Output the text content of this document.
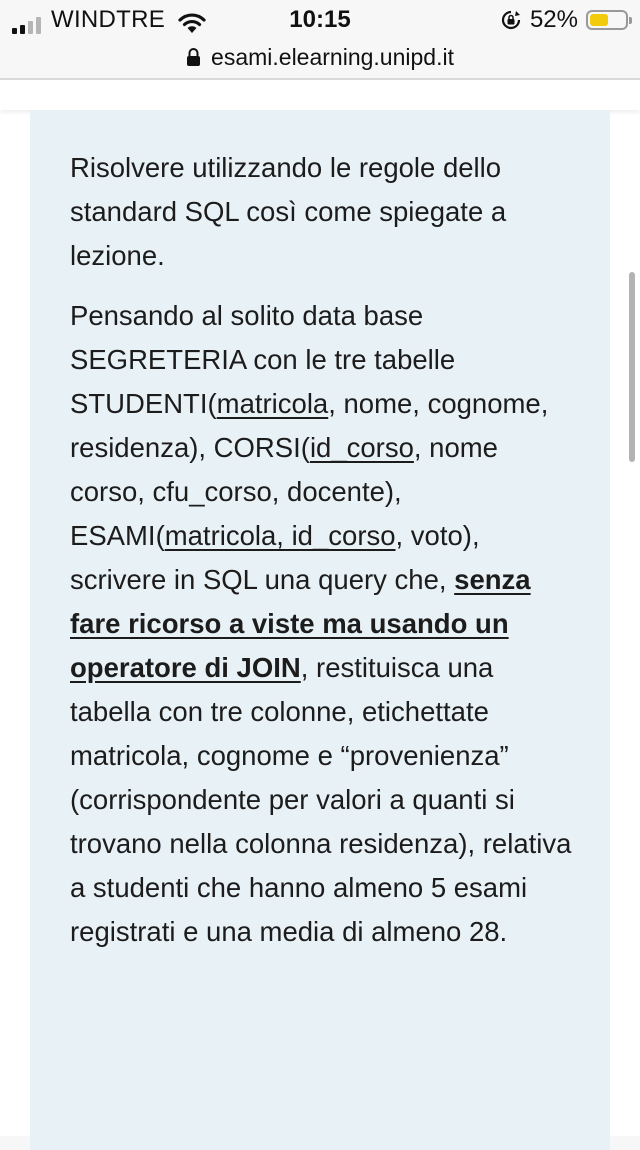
WINDTRE	10:15	52%
esami.elearning.unipd.it

Risolvere utilizzando le regole dello standard SQL così come spiegate a lezione.

Pensando al solito data base SEGRETERIA con le tre tabelle STUDENTI(matricola, nome, cognome, residenza), CORSI(id_corso, nome corso, cfu_corso, docente), ESAMI(matricola, id_corso, voto), scrivere in SQL una query che, senza fare ricorso a viste ma usando un operatore di JOIN, restituisca una tabella con tre colonne, etichettate matricola, cognome e “provenienza” (corrispondente per valori a quanti si trovano nella colonna residenza), relativa a studenti che hanno almeno 5 esami registrati e una media di almeno 28.
